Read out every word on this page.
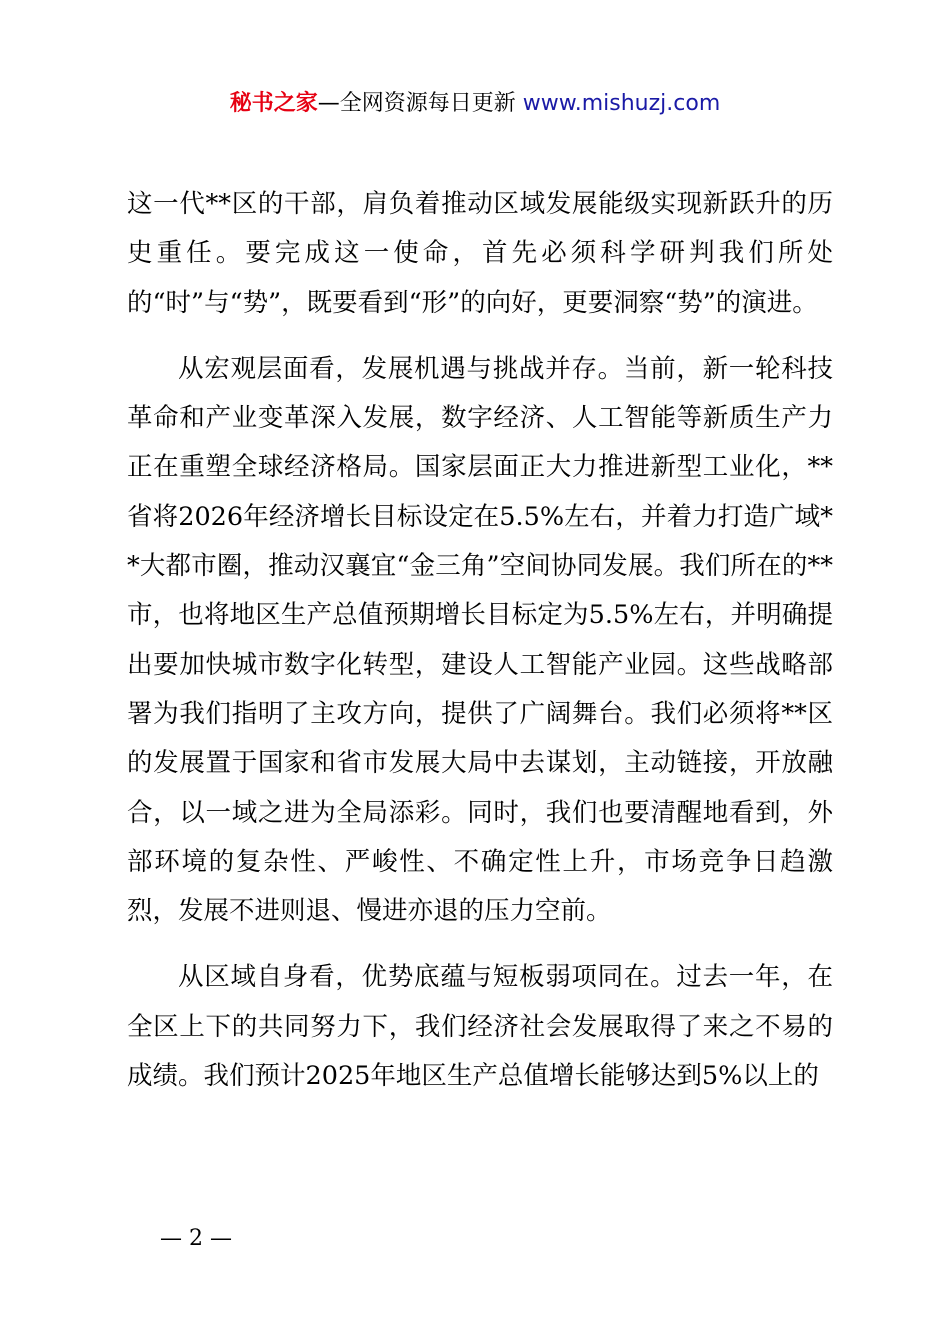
秘书之家—全网资源每日更新 www.mishuzj.com

这一代**区的干部，肩负着推动区域发展能级实现新跃升的历史重任。要完成这一使命，首先必须科学研判我们所处的“时”与“势”，既要看到“形”的向好，更要洞察“势”的演进。

从宏观层面看，发展机遇与挑战并存。当前，新一轮科技革命和产业变革深入发展，数字经济、人工智能等新质生产力正在重塑全球经济格局。国家层面正大力推进新型工业化，**省将2026年经济增长目标设定在5.5%左右，并着力打造广域**大都市圈，推动汉襄宜“金三角”空间协同发展。我们所在的**市，也将地区生产总值预期增长目标定为5.5%左右，并明确提出要加快城市数字化转型，建设人工智能产业园。这些战略部署为我们指明了主攻方向，提供了广阔舞台。我们必须将**区的发展置于国家和省市发展大局中去谋划，主动链接，开放融合，以一域之进为全局添彩。同时，我们也要清醒地看到，外部环境的复杂性、严峻性、不确定性上升，市场竞争日趋激烈，发展不进则退、慢进亦退的压力空前。

从区域自身看，优势底蕴与短板弱项同在。过去一年，在全区上下的共同努力下，我们经济社会发展取得了来之不易的成绩。我们预计2025年地区生产总值增长能够达到5%以上的

— 2 —
